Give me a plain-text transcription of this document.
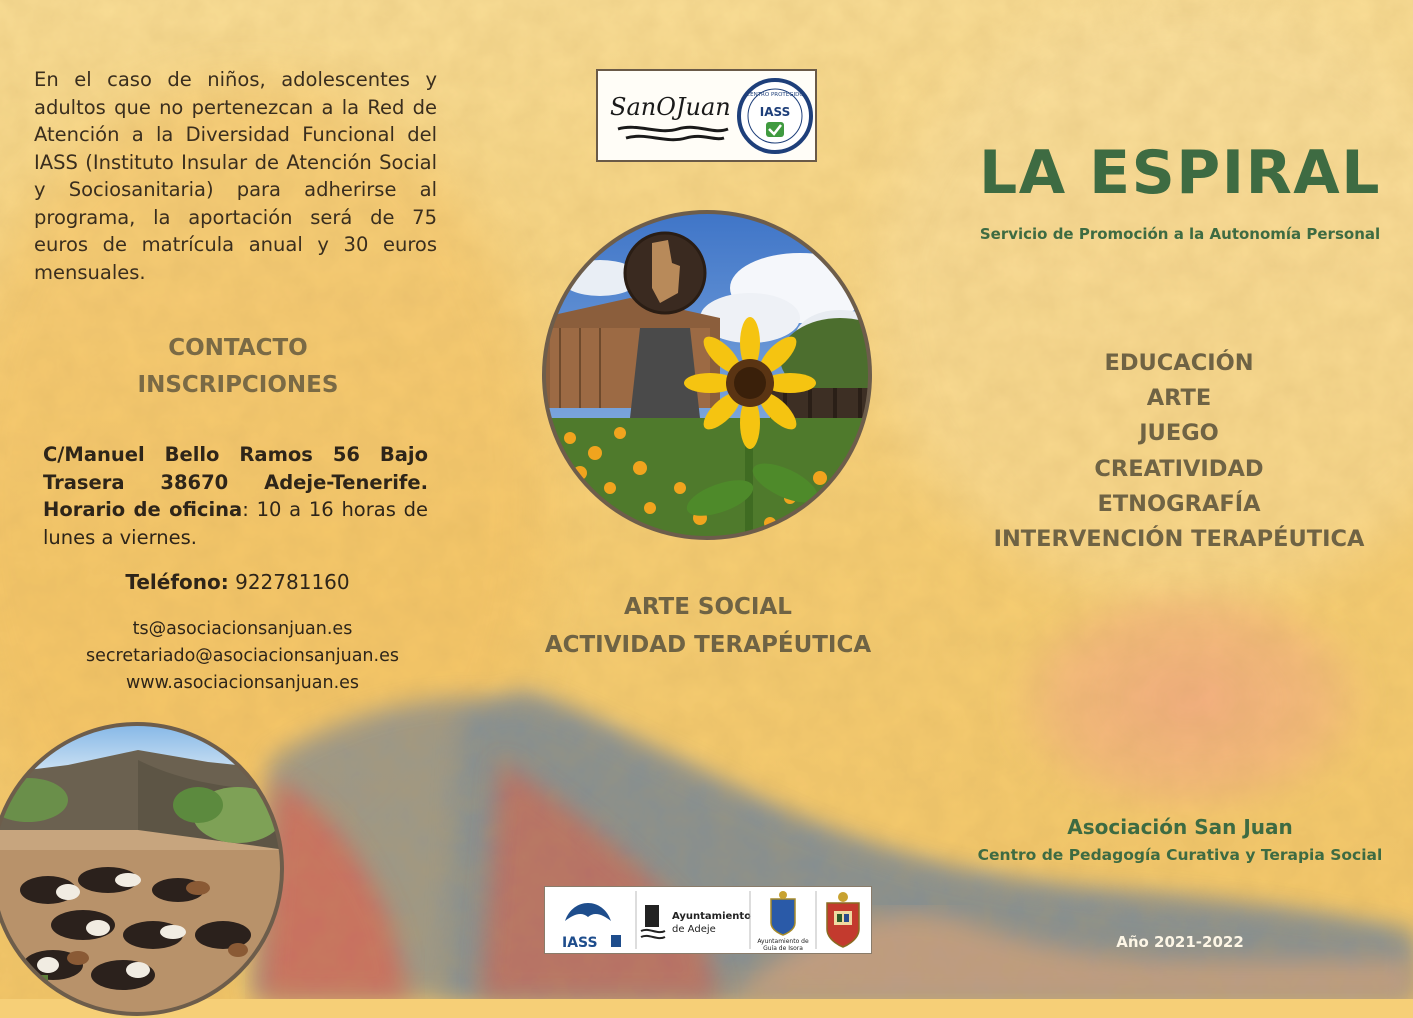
En el caso de niños, adolescentes y adultos que no pertenezcan a la Red de Atención a la Diversidad Funcional del IASS (Instituto Insular de Atención Social y Sociosanitaria) para adherirse al programa, la aportación será de 75 euros de matrícula anual y 30 euros mensuales.
CONTACTO
INSCRIPCIONES
C/Manuel Bello Ramos 56 Bajo Trasera 38670 Adeje-Tenerife. Horario de oficina: 10 a 16 horas de lunes a viernes.
Teléfono: 922781160
ts@asociacionsanjuan.es
secretariado@asociacionsanjuan.es
www.asociacionsanjuan.es
SanOJuan	CENTRO PROTEGIDO
IASS
ARTE SOCIAL
ACTIVIDAD TERAPÉUTICA
IASS
Ayuntamiento
de Adeje
Ayuntamiento de
Guía de Isora
LA ESPIRAL
Servicio de Promoción a la Autonomía Personal
EDUCACIÓN
ARTE
JUEGO
CREATIVIDAD
ETNOGRAFÍA
INTERVENCIÓN TERAPÉUTICA
Asociación San Juan
Centro de Pedagogía Curativa y Terapia Social
Año 2021-2022
